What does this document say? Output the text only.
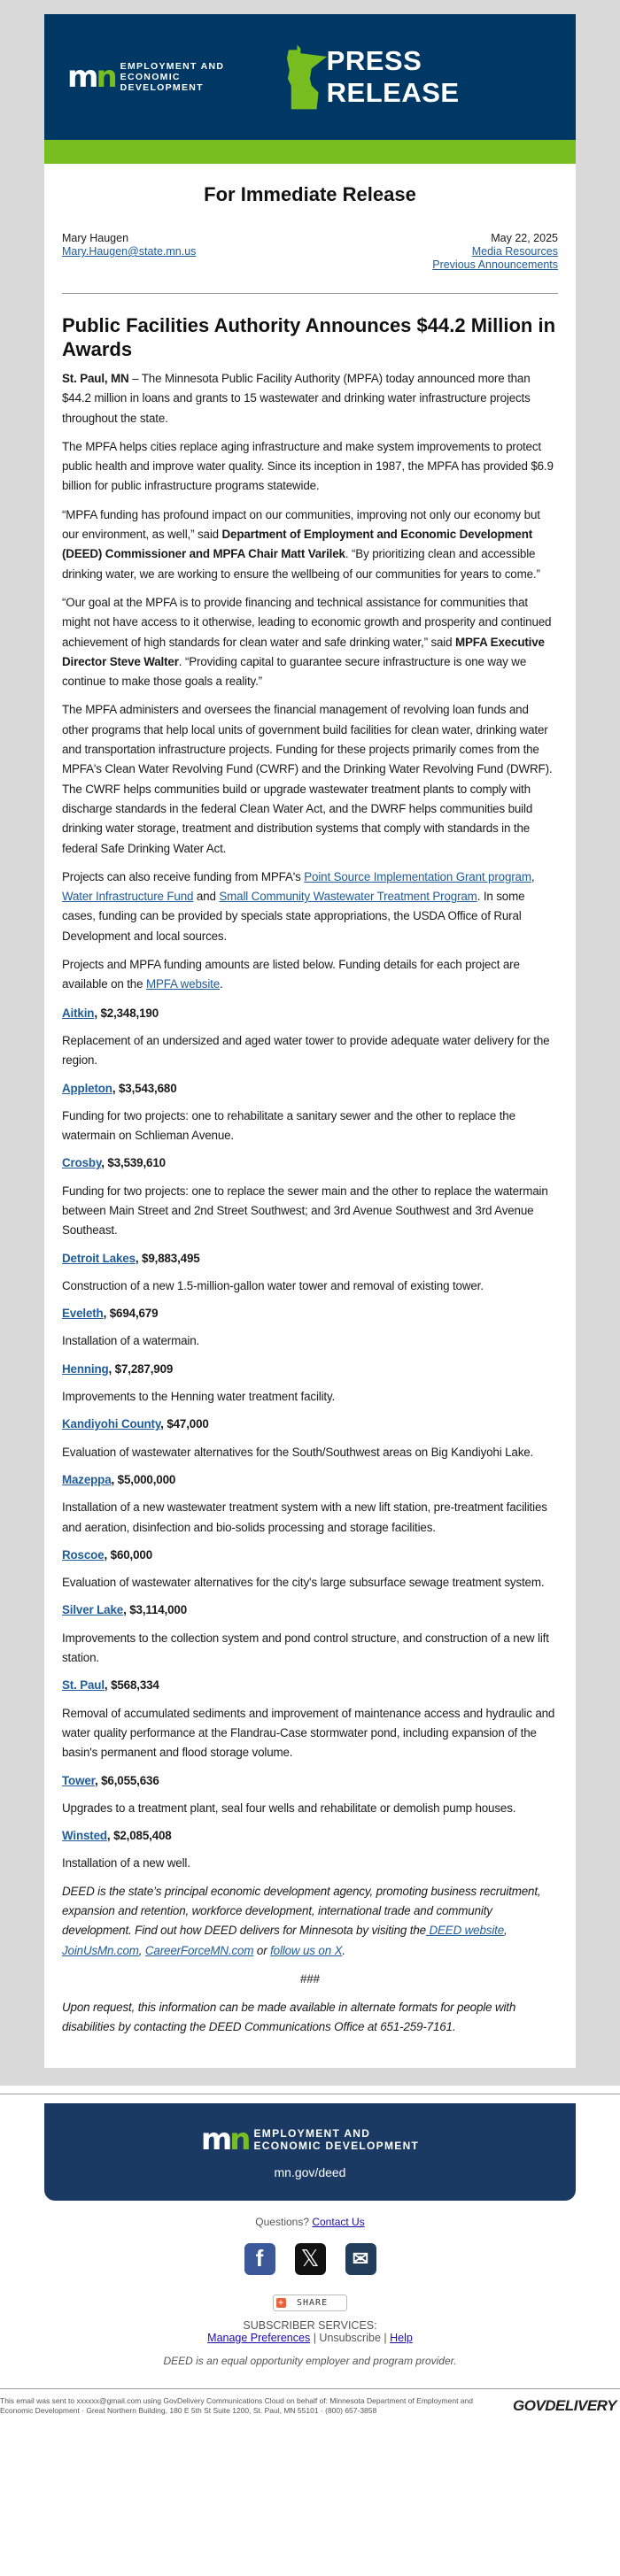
mn EMPLOYMENT AND
ECONOMIC DEVELOPMENT
PRESS RELEASE
For Immediate Release
Mary Haugen
Mary.Haugen@state.mn.us
May 22, 2025
Media Resources
Previous Announcements
Public Facilities Authority Announces $44.2 Million in Awards

St. Paul, MN – The Minnesota Public Facility Authority (MPFA) today announced more than $44.2 million in loans and grants to 15 wastewater and drinking water infrastructure projects throughout the state.

The MPFA helps cities replace aging infrastructure and make system improvements to protect public health and improve water quality. Since its inception in 1987, the MPFA has provided $6.9 billion for public infrastructure programs statewide.

“MPFA funding has profound impact on our communities, improving not only our economy but our environment, as well,” said Department of Employment and Economic Development (DEED) Commissioner and MPFA Chair Matt Varilek. “By prioritizing clean and accessible drinking water, we are working to ensure the wellbeing of our communities for years to come.”

“Our goal at the MPFA is to provide financing and technical assistance for communities that might not have access to it otherwise, leading to economic growth and prosperity and continued achievement of high standards for clean water and safe drinking water,” said MPFA Executive Director Steve Walter. “Providing capital to guarantee secure infrastructure is one way we continue to make those goals a reality.”

The MPFA administers and oversees the financial management of revolving loan funds and other programs that help local units of government build facilities for clean water, drinking water and transportation infrastructure projects. Funding for these projects primarily comes from the MPFA's Clean Water Revolving Fund (CWRF) and the Drinking Water Revolving Fund (DWRF). The CWRF helps communities build or upgrade wastewater treatment plants to comply with discharge standards in the federal Clean Water Act, and the DWRF helps communities build drinking water storage, treatment and distribution systems that comply with standards in the federal Safe Drinking Water Act.

Projects can also receive funding from MPFA's Point Source Implementation Grant program, Water Infrastructure Fund and Small Community Wastewater Treatment Program. In some cases, funding can be provided by specials state appropriations, the USDA Office of Rural Development and local sources.

Projects and MPFA funding amounts are listed below. Funding details for each project are available on the MPFA website.

Aitkin, $2,348,190

Replacement of an undersized and aged water tower to provide adequate water delivery for the region.

Appleton, $3,543,680

Funding for two projects: one to rehabilitate a sanitary sewer and the other to replace the watermain on Schlieman Avenue.

Crosby, $3,539,610

Funding for two projects: one to replace the sewer main and the other to replace the watermain between Main Street and 2nd Street Southwest; and 3rd Avenue Southwest and 3rd Avenue Southeast.

Detroit Lakes, $9,883,495

Construction of a new 1.5-million-gallon water tower and removal of existing tower.

Eveleth, $694,679

Installation of a watermain.

Henning, $7,287,909

Improvements to the Henning water treatment facility.

Kandiyohi County, $47,000

Evaluation of wastewater alternatives for the South/Southwest areas on Big Kandiyohi Lake.

Mazeppa, $5,000,000

Installation of a new wastewater treatment system with a new lift station, pre-treatment facilities and aeration, disinfection and bio-solids processing and storage facilities.

Roscoe, $60,000

Evaluation of wastewater alternatives for the city's large subsurface sewage treatment system.

Silver Lake, $3,114,000

Improvements to the collection system and pond control structure, and construction of a new lift station.

St. Paul, $568,334

Removal of accumulated sediments and improvement of maintenance access and hydraulic and water quality performance at the Flandrau-Case stormwater pond, including expansion of the basin's permanent and flood storage volume.

Tower, $6,055,636

Upgrades to a treatment plant, seal four wells and rehabilitate or demolish pump houses.

Winsted, $2,085,408

Installation of a new well.

DEED is the state’s principal economic development agency, promoting business recruitment, expansion and retention, workforce development, international trade and community development. Find out how DEED delivers for Minnesota by visiting the DEED website, JoinUsMn.com, CareerForceMN.com or follow us on X.

###

Upon request, this information can be made available in alternate formats for people with disabilities by contacting the DEED Communications Office at 651-259-7161.

mn EMPLOYMENT AND
ECONOMIC DEVELOPMENT
mn.gov/deed
Questions? Contact Us
f	𝕏	✉
+ SHARE
SUBSCRIBER SERVICES:
Manage Preferences | Unsubscribe | Help
DEED is an equal opportunity employer and program provider.
This email was sent to xxxxxx@gmail.com using GovDelivery Communications Cloud on behalf of: Minnesota Department of Employment and Economic Development · Great Northern Building, 180 E 5th St Suite 1200, St. Paul, MN 55101 · (800) 657-3858	GOVDELIVERY
